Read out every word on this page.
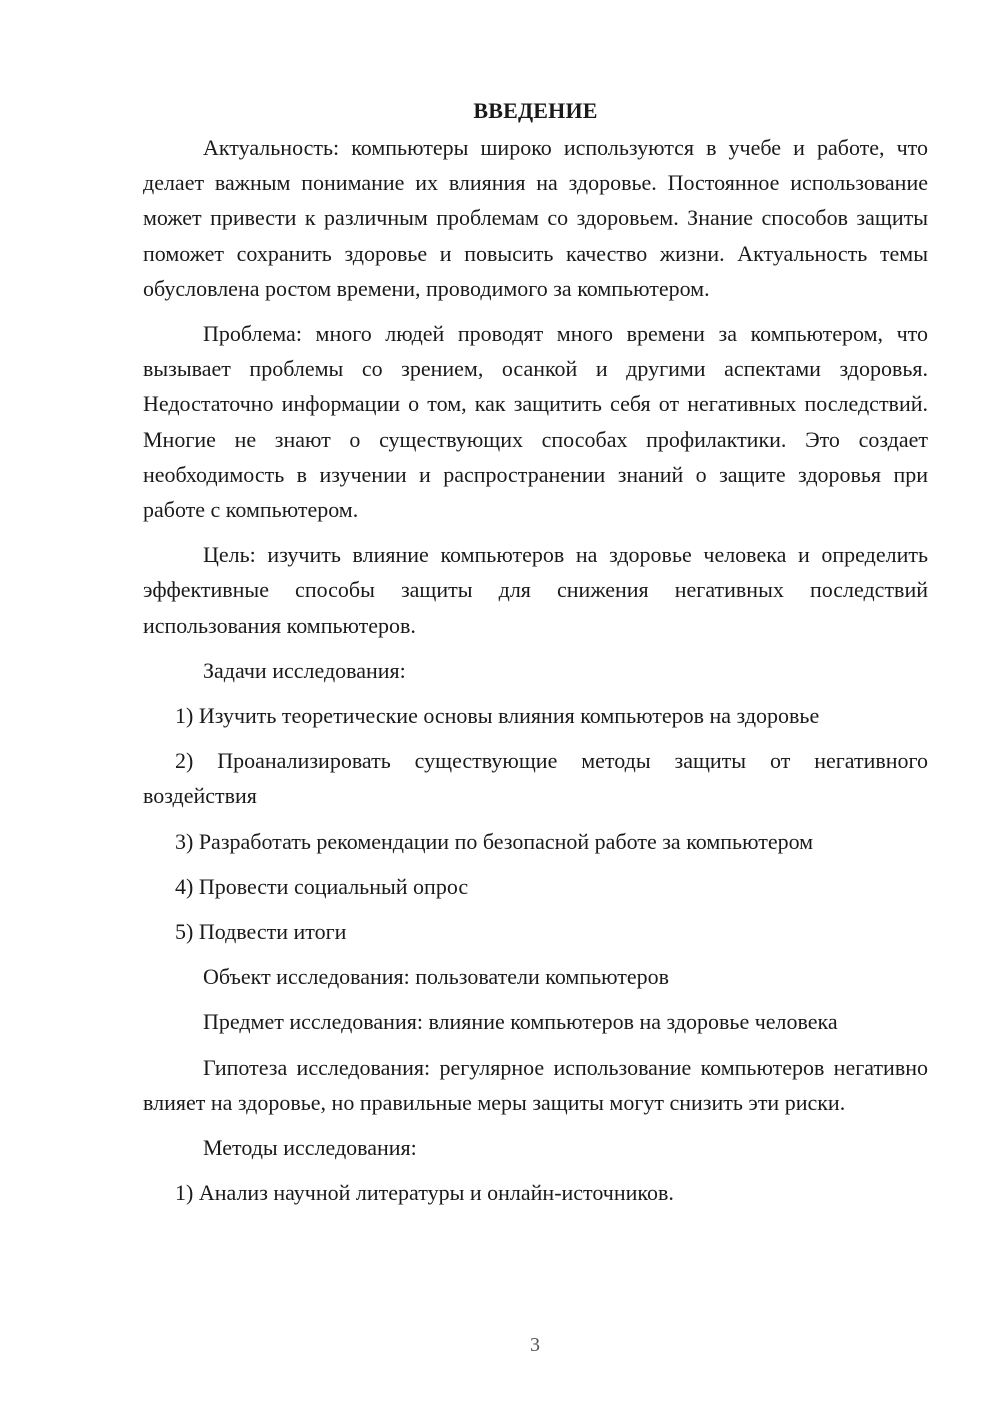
ВВЕДЕНИЕ

Актуальность: компьютеры широко используются в учебе и работе, что делает важным понимание их влияния на здоровье. Постоянное использование может привести к различным проблемам со здоровьем. Знание способов защиты поможет сохранить здоровье и повысить качество жизни. Актуальность темы обусловлена ростом времени, проводимого за компьютером.

Проблема: много людей проводят много времени за компьютером, что вызывает проблемы со зрением, осанкой и другими аспектами здоровья. Недостаточно информации о том, как защитить себя от негативных последствий. Многие не знают о существующих способах профилактики. Это создает необходимость в изучении и распространении знаний о защите здоровья при работе с компьютером.

Цель: изучить влияние компьютеров на здоровье человека и определить эффективные способы защиты для снижения негативных последствий использования компьютеров.

Задачи исследования:

1) Изучить теоретические основы влияния компьютеров на здоровье

2) Проанализировать существующие методы защиты от негативного воздействия

3) Разработать рекомендации по безопасной работе за компьютером

4) Провести социальный опрос

5) Подвести итоги

Объект исследования: пользователи компьютеров

Предмет исследования: влияние компьютеров на здоровье человека

Гипотеза исследования: регулярное использование компьютеров негативно влияет на здоровье, но правильные меры защиты могут снизить эти риски.

Методы исследования:

1) Анализ научной литературы и онлайн-источников.

3
